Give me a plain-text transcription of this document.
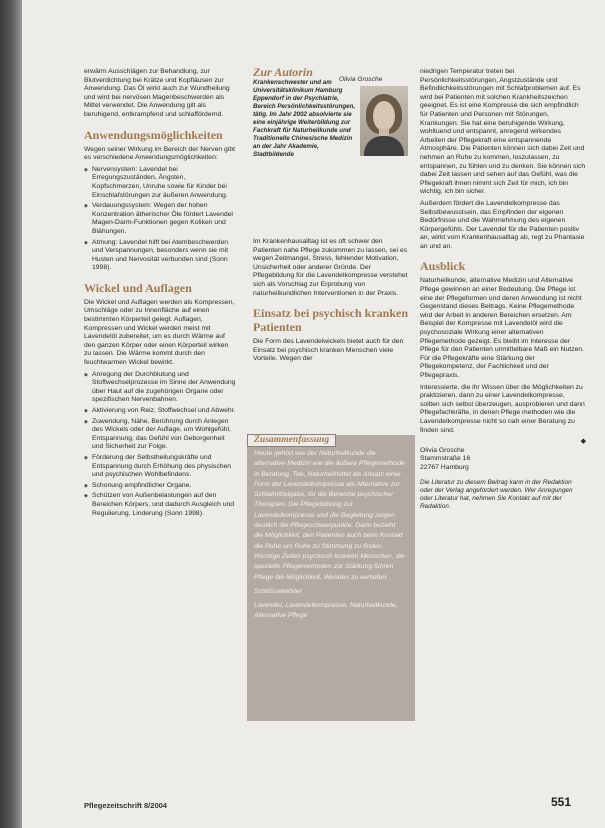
erwärm Ausschlägen zur Behandlung, zur Blutverdichtung bei Krätze und Kopfläusen zur Anwendung. Das Öl wirkt auch zur Wundheilung und wird bei nervösen Magenbeschwerden als Mittel verwendet. Die Anwendung gilt als beruhigend, entkrampfend und schlaffördernd.

Anwendungsmöglichkeiten

Wegen seiner Wirkung im Bereich der Nerven gibt es verschiedene Anwendungsmöglichkeiten:

◆ Nervensystem: Lavendel bei Erregungszuständen, Ängsten, Kopfschmerzen, Unruhe sowie für Kinder bei Einschlafstörungen zur äußeren Anwendung.
◆ Verdauungssystem: Wegen der hohen Konzentration ätherischer Öle fördert Lavendel Magen-Darm-Funktionen gegen Koliken und Blähungen.
◆ Atmung: Lavendel hilft bei Atembeschwerden und Verspannungen, besonders wenn sie mit Husten und Nervosität verbunden sind (Sonn 1998).
Wickel und Auflagen

Die Wickel und Auflagen werden als Kompressen, Umschläge oder zu Innenfläche auf einen bestimmten Körperteil gelegt. Auflagen, Kompressen und Wickel werden meist mit Lavendelöl zubereitet, um es durch Wärme auf den ganzen Körper oder einen Körperteil wirken zu lassen. Die Wärme kommt durch den feuchtwarmen Wickel bewirkt.

◆ Anregung der Durchblutung und Stoffwechselprozesse im Sinne der Anwendung über Haut auf die zugehörigen Organe oder spezifischen Nervenbahnen.
◆ Aktivierung von Reiz, Stoffwechsel und Abwehr.
◆ Zuwendung, Nähe, Berührung durch Anlegen des Wickels oder der Auflage, um Wohlgefühl, Entspannung, das Gefühl von Geborgenheit und Sicherheit zur Folge.
◆ Förderung der Selbstheilungskräfte und Entspannung durch Erhöhung des physischen und psychischen Wohlbefindens.
◆ Schonung empfindlicher Organe.
◆ Schützen von Außenbelastungen auf den Bereichen Körpers, und dadurch Ausgleich und Regulierung, Linderung (Sonn 1998).
Zur Autorin
Olivia Grosche
Krankenschwester und am Universitätsklinikum Hamburg Eppendorf in der Psychiatrie, Bereich Persönlichkeitsstörungen, tätig. Im Jahr 2002 absolvierte sie eine einjährige Weiterbildung zur Fachkraft für Naturheilkunde und Traditionelle Chinesische Medizin an der Jahr Akademie, Stadtbildende

Im Krankenhausalltag ist es oft schwer den Patienten nahe Pflege zukommen zu lassen, sei es wegen Zeitmangel, Stress, fehlender Motivation, Unsicherheit oder anderer Gründe. Der Pflegebildung für die Lavendelkompresse verstehet sich als Vorschlag zur Erprobung von naturheilkundlichen Interventionen in der Praxis.

Einsatz bei psychisch kranken Patienten

Die Form des Lavendelwickels bietet auch für den Einsatz bei psychisch kranken Menschen viele Vorteile. Wegen der

Zusammenfassung

Heute gehört wie der Naturheilkunde die alternative Medizin wie die äußere Pflegemethode in Beratung, Tee, Naturheilmittel als Ansatz einer Form der Lavendelkompresse als Alternative zur Schlafmittelgabe, für die Bereiche psychischer Therapien. Die Pflegebildung zur Lavendelkompresse und die Begleitung zeigen deutlich die Pflegeschwerpunkte. Darin bezieht die Möglichkeit, den Patienten auch beim Kontakt die Ruhe um Ruhe zu Stimmung zu finden. Wichtige Zeiten psychisch kranken Menschen, die spezielle Pflegemethoden zur Stärkung führen Pflege die Möglichkeit, Wenden zu vertiefen.

Schlüsselwörter

Lavendel, Lavendelkompresse, Naturheilkunde, Alternative Pflege

niedrigen Temperatur treten bei Persönlichkeitsstörungen, Angstzustände und Befindlichkeitsstörungen mit Schlafproblemen auf. Es wird bei Patienten mit solchen Krankheitszeichen geeignet. Es ist eine Kompresse die sich empfindlich für Patienten und Personen mit Störungen, Krankungen. Sie hat eine beruhigende Wirkung, wohltuend und entspannt, anregend wirkendes Arbeiten der Pflegekraft eine entspannende Atmosphäre. Die Patienten können sich dabei Zeit und nehmen an Ruhe zu kommen, loszulassen, zu entspannen, zu fühlen und zu denken. Sie können sich dabei Zeit lassen und sehen auf das Gefühl, was die Pflegekraft ihnen nimmt sich Zeit für mich, ich bin wichtig, ich bin sicher.

Außerdem fördert die Lavendelkompresse das Selbstbewusstsein, das Empfinden der eigenen Bedürfnisse und die Wahrnehmung des eigenen Körpergefühls. Der Lavendel für die Patienten positiv an, wirkt vom Krankenhausalltag ab, regt zu Phantasie an und an.

Ausblick

Naturheilkunde, alternative Medizin und Alternative Pflege gewinnen an einer Bedeutung. Die Pflege ist eine der Pflegeformen und deren Anwendung ist nicht Gegenstand dieses Beitrags. Keine Pflegemethode wird der Arbeit in anderen Bereichen ersetzen. Am Beispiel der Kompresse mit Lavendelöl wird die psychosoziale Wirkung einer alternativen Pflegemethode gezeigt. Es bleibt im Interesse der Pflege für den Patienten unmittelbare Maß ein Nutzen. Für die Pflegekräfte eine Stärkung der Pflegekompetenz, der Fachlichkeit und der Pflegepraxis.

Interessierte, die ihr Wissen über die Möglichkeiten zu praktizieren, dann zu einer Lavendelkompresse, sollten sich selbst überzeugen, ausprobieren und dann Pflegefachkräfte, in denen Pflege methoden wie die Lavendelkompresse nicht so nah einer Beratung zu finden sind.

◆

Olivia Grosche

Stammstraße 16

22767 Hamburg

Die Literatur zu diesem Beitrag kann in der Redaktion oder der Verlag angefordert werden. Wer Anregungen oder Literatur hat, nehmen Sie Kontakt auf mit der Redaktion.

Pflegezeitschrift 8/2004	551
